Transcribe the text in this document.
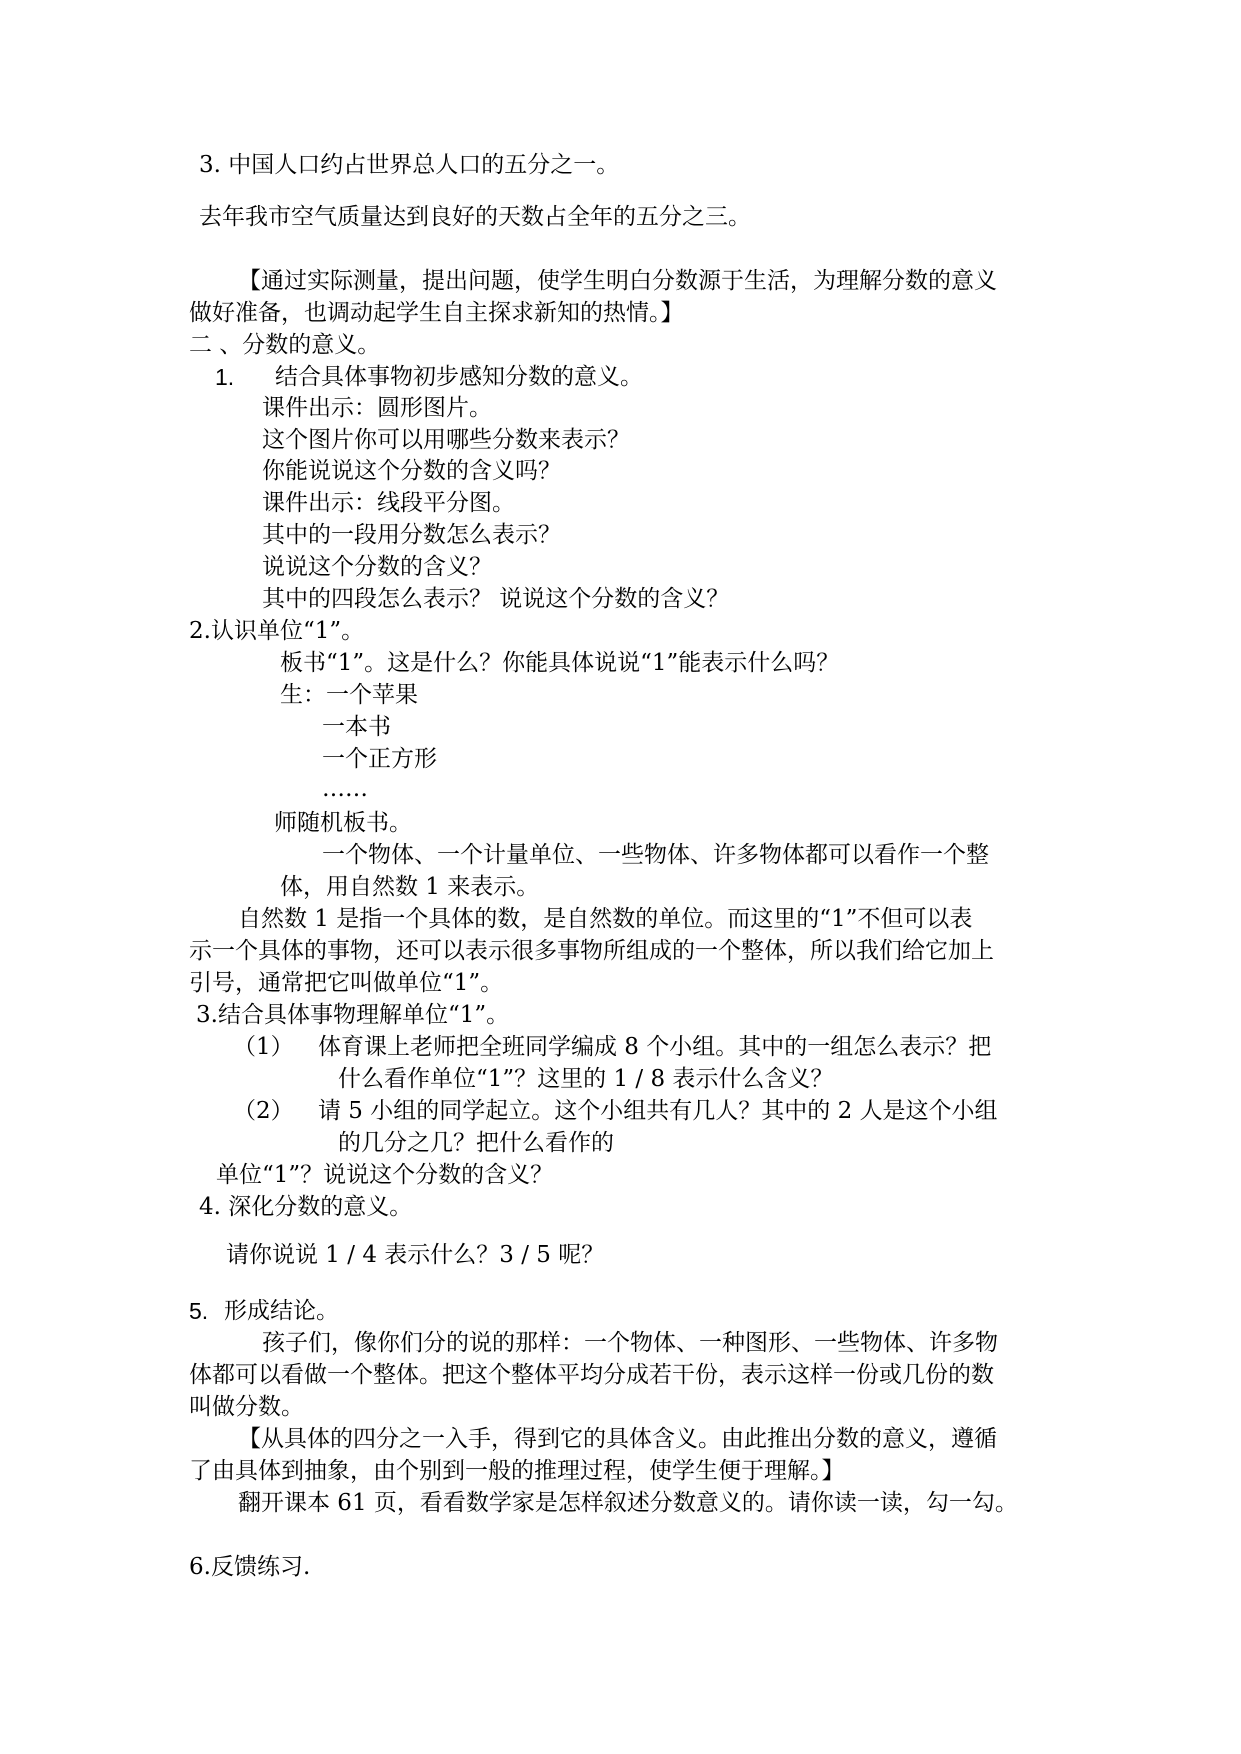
3. 中国人口约占世界总人口的五分之一。
去年我市空气质量达到良好的天数占全年的五分之三。
【通过实际测量，提出问题，使学生明白分数源于生活，为理解分数的意义
做好准备，也调动起学生自主探求新知的热情。】
二 、分数的意义。
1. 结合具体事物初步感知分数的意义。
课件出示：圆形图片。
这个图片你可以用哪些分数来表示？
你能说说这个分数的含义吗？
课件出示：线段平分图。
其中的一段用分数怎么表示？
说说这个分数的含义？
其中的四段怎么表示？ 说说这个分数的含义？
2.认识单位“1”。
板书“1”。这是什么？你能具体说说“1”能表示什么吗？
生：一个苹果
一本书
一个正方形
……
师随机板书。
一个物体、一个计量单位、一些物体、许多物体都可以看作一个整
体，用自然数 1 来表示。
自然数 1 是指一个具体的数，是自然数的单位。而这里的“1”不但可以表
示一个具体的事物，还可以表示很多事物所组成的一个整体，所以我们给它加上
引号，通常把它叫做单位“1”。
3.结合具体事物理解单位“1”。
（1） 体育课上老师把全班同学编成 8 个小组。其中的一组怎么表示？把
什么看作单位“1”？这里的 1 / 8 表示什么含义？
（2） 请 5 小组的同学起立。这个小组共有几人？其中的 2 人是这个小组
的几分之几？把什么看作的
单位“1”？说说这个分数的含义？
4. 深化分数的意义。
请你说说 1 / 4 表示什么？3 / 5 呢？
5. 形成结论。
孩子们，像你们分的说的那样：一个物体、一种图形、一些物体、许多物
体都可以看做一个整体。把这个整体平均分成若干份，表示这样一份或几份的数
叫做分数。
【从具体的四分之一入手，得到它的具体含义。由此推出分数的意义，遵循
了由具体到抽象，由个别到一般的推理过程，使学生便于理解。】
翻开课本 61 页，看看数学家是怎样叙述分数意义的。请你读一读，勾一勾。
6.反馈练习.
